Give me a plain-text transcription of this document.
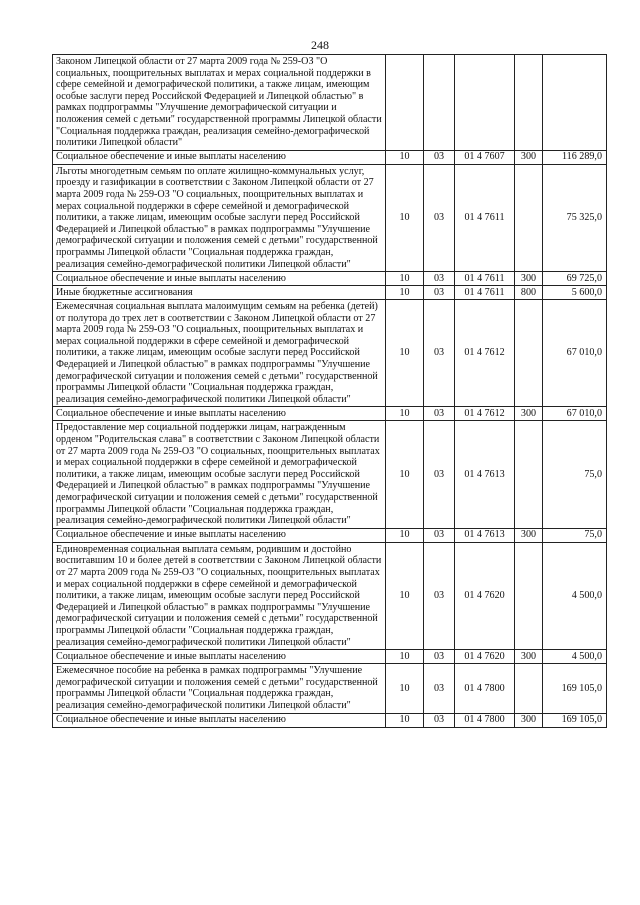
248
Законом Липецкой области от 27 марта 2009 года № 259-ОЗ "О социальных, поощрительных выплатах и мерах социальной поддержки в сфере семейной и демографической политики, а также лицам, имеющим особые заслуги перед Российской Федерацией и Липецкой областью" в рамках подпрограммы "Улучшение демографической ситуации и положения семей с детьми" государственной программы Липецкой области "Социальная поддержка граждан, реализация семейно-демографической политики Липецкой области"					
Социальное обеспечение и иные выплаты населению	10	03	01 4 7607	300	116 289,0
Льготы многодетным семьям по оплате жилищно-коммунальных услуг, проезду и газификации в соответствии с Законом Липецкой области от 27 марта 2009 года № 259-ОЗ "О социальных, поощрительных выплатах и мерах социальной поддержки в сфере семейной и демографической политики, а также лицам, имеющим особые заслуги перед Российской Федерацией и Липецкой областью" в рамках подпрограммы "Улучшение демографической ситуации и положения семей с детьми" государственной программы Липецкой области "Социальная поддержка граждан, реализация семейно-демографической политики Липецкой области"	10	03	01 4 7611		75 325,0
Социальное обеспечение и иные выплаты населению	10	03	01 4 7611	300	69 725,0
Иные бюджетные ассигнования	10	03	01 4 7611	800	5 600,0
Ежемесячная социальная выплата малоимущим семьям на ребенка (детей) от полутора до трех лет в соответствии с Законом Липецкой области от 27 марта 2009 года № 259-ОЗ "О социальных, поощрительных выплатах и мерах социальной поддержки в сфере семейной и демографической политики, а также лицам, имеющим особые заслуги перед Российской Федерацией и Липецкой областью" в рамках подпрограммы "Улучшение демографической ситуации и положения семей с детьми" государственной программы Липецкой области "Социальная поддержка граждан, реализация семейно-демографической политики Липецкой области"	10	03	01 4 7612		67 010,0
Социальное обеспечение и иные выплаты населению	10	03	01 4 7612	300	67 010,0
Предоставление мер социальной поддержки лицам, награжденным орденом "Родительская слава" в соответствии с Законом Липецкой области от 27 марта 2009 года № 259-ОЗ "О социальных, поощрительных выплатах и мерах социальной поддержки в сфере семейной и демографической политики, а также лицам, имеющим особые заслуги перед Российской Федерацией и Липецкой областью" в рамках подпрограммы "Улучшение демографической ситуации и положения семей с детьми" государственной программы Липецкой области "Социальная поддержка граждан, реализация семейно-демографической политики Липецкой области"	10	03	01 4 7613		75,0
Социальное обеспечение и иные выплаты населению	10	03	01 4 7613	300	75,0
Единовременная социальная выплата семьям, родившим и достойно воспитавшим 10 и более детей в соответствии с Законом Липецкой области от 27 марта 2009 года № 259-ОЗ "О социальных, поощрительных выплатах и мерах социальной поддержки в сфере семейной и демографической политики, а также лицам, имеющим особые заслуги перед Российской Федерацией и Липецкой областью" в рамках подпрограммы "Улучшение демографической ситуации и положения семей с детьми" государственной программы Липецкой области "Социальная поддержка граждан, реализация семейно-демографической политики Липецкой области"	10	03	01 4 7620		4 500,0
Социальное обеспечение и иные выплаты населению	10	03	01 4 7620	300	4 500,0
Ежемесячное пособие на ребенка в рамках подпрограммы "Улучшение демографической ситуации и положения семей с детьми" государственной программы Липецкой области "Социальная поддержка граждан, реализация семейно-демографической политики Липецкой области"	10	03	01 4 7800		169 105,0
Социальное обеспечение и иные выплаты населению	10	03	01 4 7800	300	169 105,0
